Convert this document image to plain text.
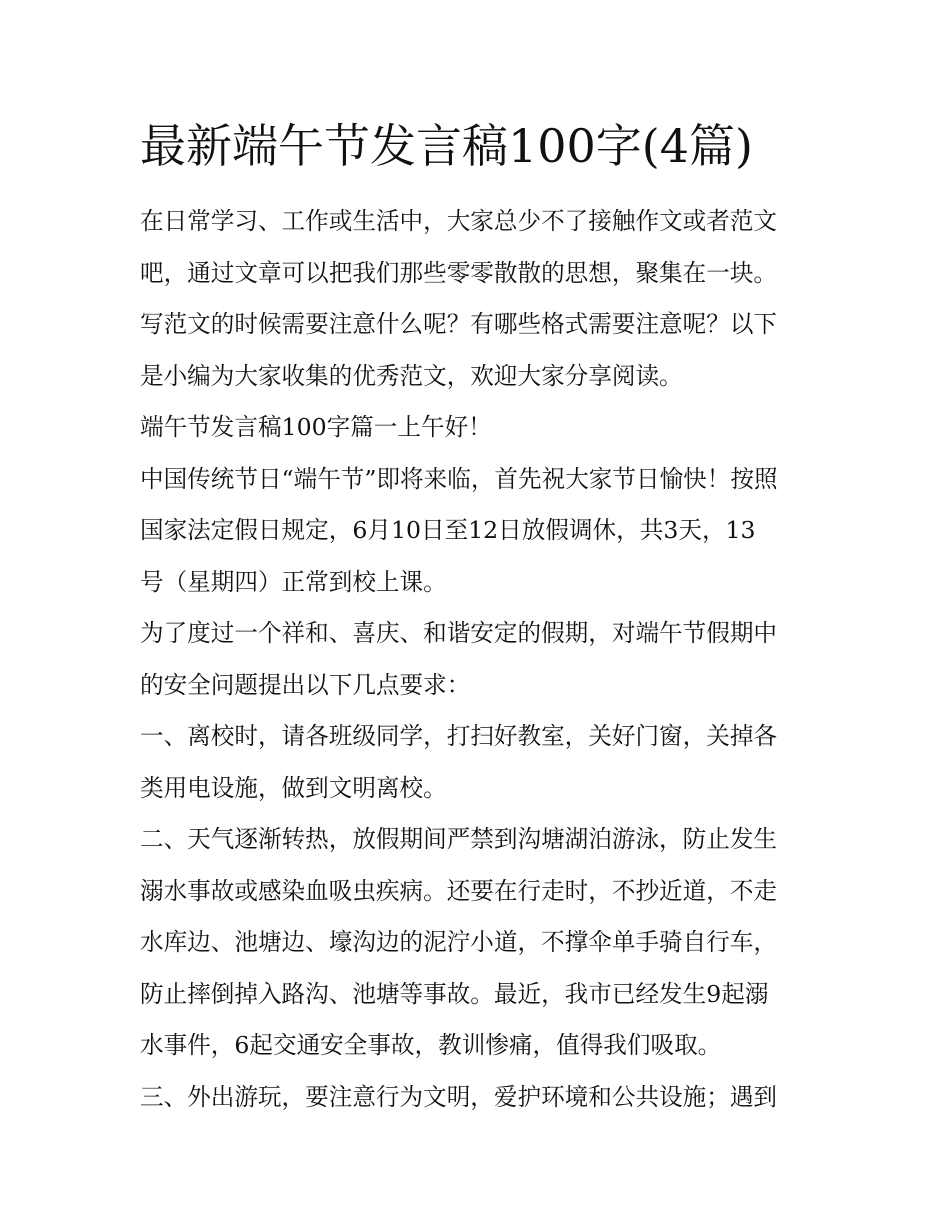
最新端午节发言稿100字(4篇)
在日常学习、工作或生活中，大家总少不了接触作文或者范文
吧，通过文章可以把我们那些零零散散的思想，聚集在一块。
写范文的时候需要注意什么呢？有哪些格式需要注意呢？以下
是小编为大家收集的优秀范文，欢迎大家分享阅读。
端午节发言稿100字篇一上午好！
中国传统节日“端午节”即将来临，首先祝大家节日愉快！按照
国家法定假日规定，6月10日至12日放假调休，共3天，13
号（星期四）正常到校上课。
为了度过一个祥和、喜庆、和谐安定的假期，对端午节假期中
的安全问题提出以下几点要求：
一、离校时，请各班级同学，打扫好教室，关好门窗，关掉各
类用电设施，做到文明离校。
二、天气逐渐转热，放假期间严禁到沟塘湖泊游泳，防止发生
溺水事故或感染血吸虫疾病。还要在行走时，不抄近道，不走
水库边、池塘边、壕沟边的泥泞小道，不撑伞单手骑自行车，
防止摔倒掉入路沟、池塘等事故。最近，我市已经发生9起溺
水事件，6起交通安全事故，教训惨痛，值得我们吸取。
三、外出游玩，要注意行为文明，爱护环境和公共设施；遇到
